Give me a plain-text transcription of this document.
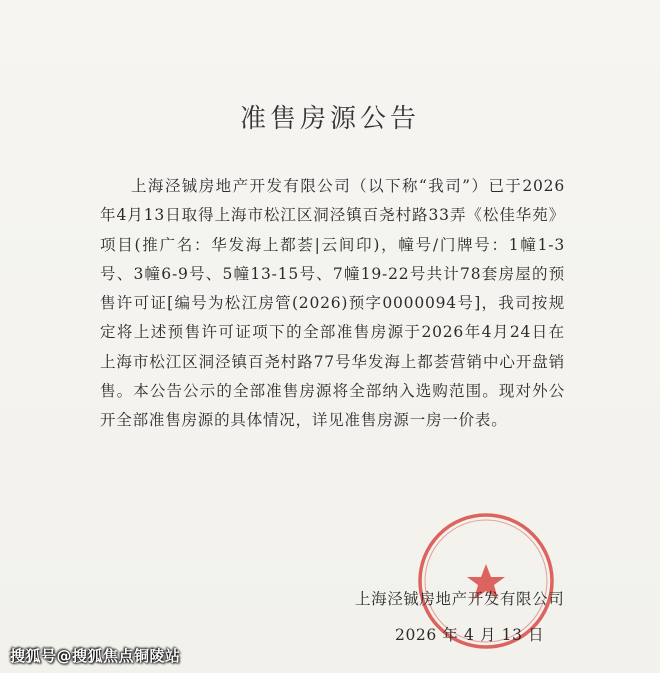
准售房源公告

上海泾铖房地产开发有限公司（以下称“我司”）已于2026年4月13日取得上海市松江区洞泾镇百尧村路33弄《松佳华苑》项目(推广名：华发海上都荟|云间印)，幢号/门牌号：1幢1-3号、3幢6-9号、5幢13-15号、7幢19-22号共计78套房屋的预售许可证[编号为松江房管(2026)预字0000094号]，我司按规定将上述预售许可证项下的全部准售房源于2026年4月24日在上海市松江区洞泾镇百尧村路77号华发海上都荟营销中心开盘销售。本公告公示的全部准售房源将全部纳入选购范围。现对外公开全部准售房源的具体情况，详见准售房源一房一价表。

上海泾铖房地产开发有限公司
2026 年 4 月 13 日
搜狐号@搜狐焦点铜陵站
